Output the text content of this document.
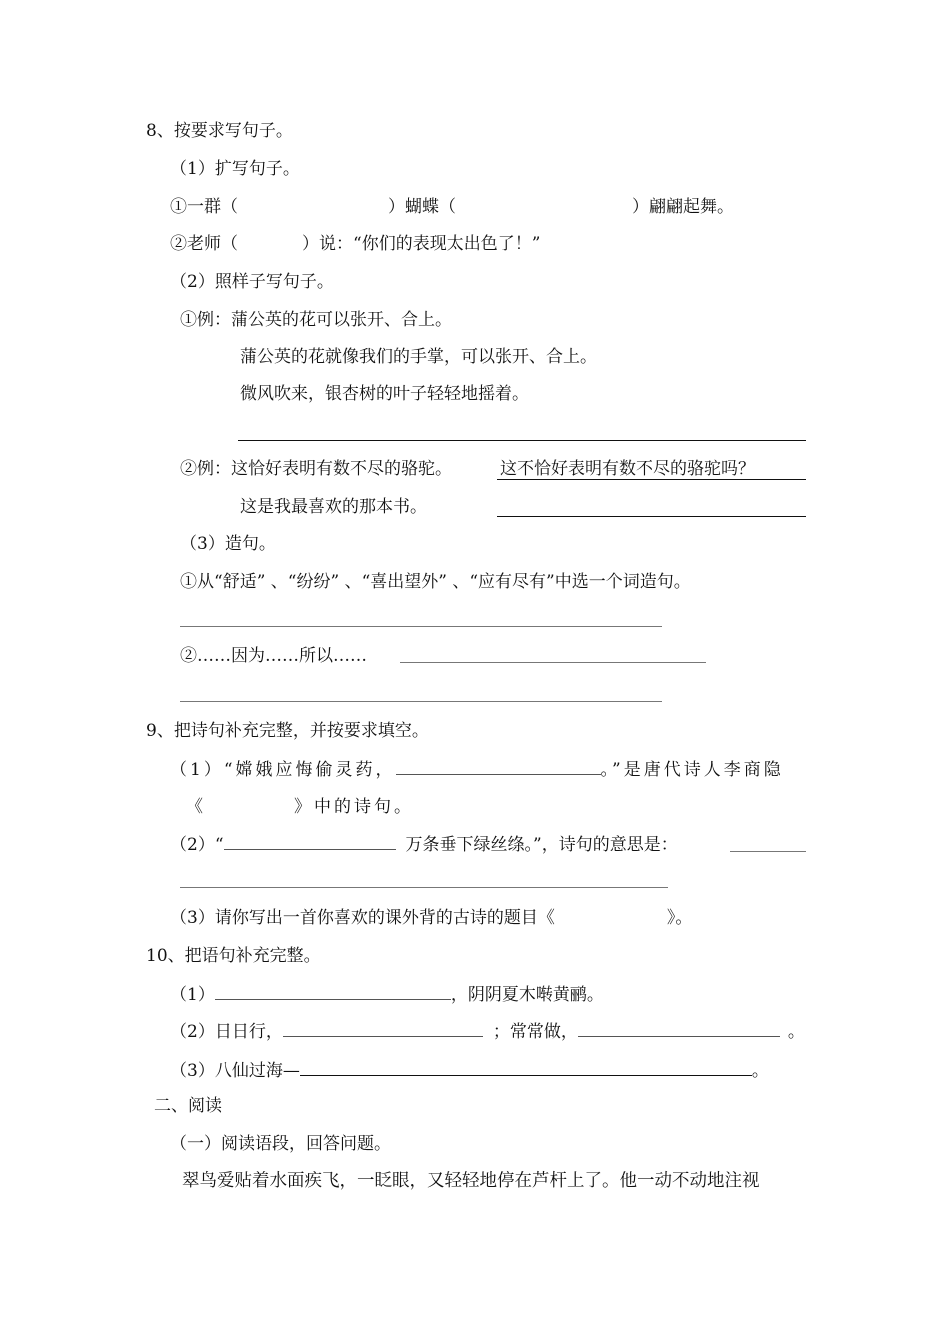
8、按要求写句子。
（1）扩写句子。
①一群（	）蝴蝶（	）翩翩起舞。
②老师（	）说：“你们的表现太出色了！”
（2）照样子写句子。
①例：蒲公英的花可以张开、合上。
蒲公英的花就像我们的手掌，可以张开、合上。
微风吹来，银杏树的叶子轻轻地摇着。
②例：这恰好表明有数不尽的骆驼。	这不恰好表明有数不尽的骆驼吗？
这是我最喜欢的那本书。
（3）造句。
①从“舒适” 、“纷纷” 、“喜出望外” 、“应有尽有”中选一个词造句。
②……因为……所以……
9、把诗句补充完整，并按要求填空。
（1）“嫦娥应悔偷灵药，	。”是唐代诗人李商隐
《	》中的诗句。
（2）“	万条垂下绿丝绦。”，诗句的意思是：
（3）请你写出一首你喜欢的课外背的古诗的题目《	》。
10、把语句补充完整。
（1）	，阴阴夏木啭黄鹂。
（2）日日行，	；常常做，	。
（3）八仙过海—	。
二、阅读
（一）阅读语段，回答问题。
翠鸟爱贴着水面疾飞，一眨眼，又轻轻地停在芦杆上了。他一动不动地注视
